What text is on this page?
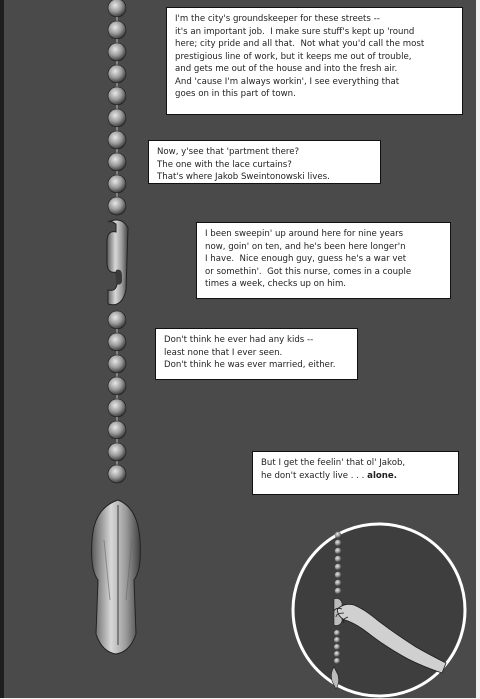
I'm the city's groundskeeper for these streets --
it's an important job.  I make sure stuff's kept up 'round
here; city pride and all that.  Not what you'd call the most
prestigious line of work, but it keeps me out of trouble,
and gets me out of the house and into the fresh air.
And 'cause I'm always workin', I see everything that
goes on in this part of town.
Now, y'see that 'partment there?
The one with the lace curtains?
That's where Jakob Sweintonowski lives.
I been sweepin' up around here for nine years
now, goin' on ten, and he's been here longer'n
I have.  Nice enough guy, guess he's a war vet
or somethin'.  Got this nurse, comes in a couple
times a week, checks up on him.
Don't think he ever had any kids --
least none that I ever seen.
Don't think he was ever married, either.
But I get the feelin' that ol' Jakob,
he don't exactly live . . . alone.
